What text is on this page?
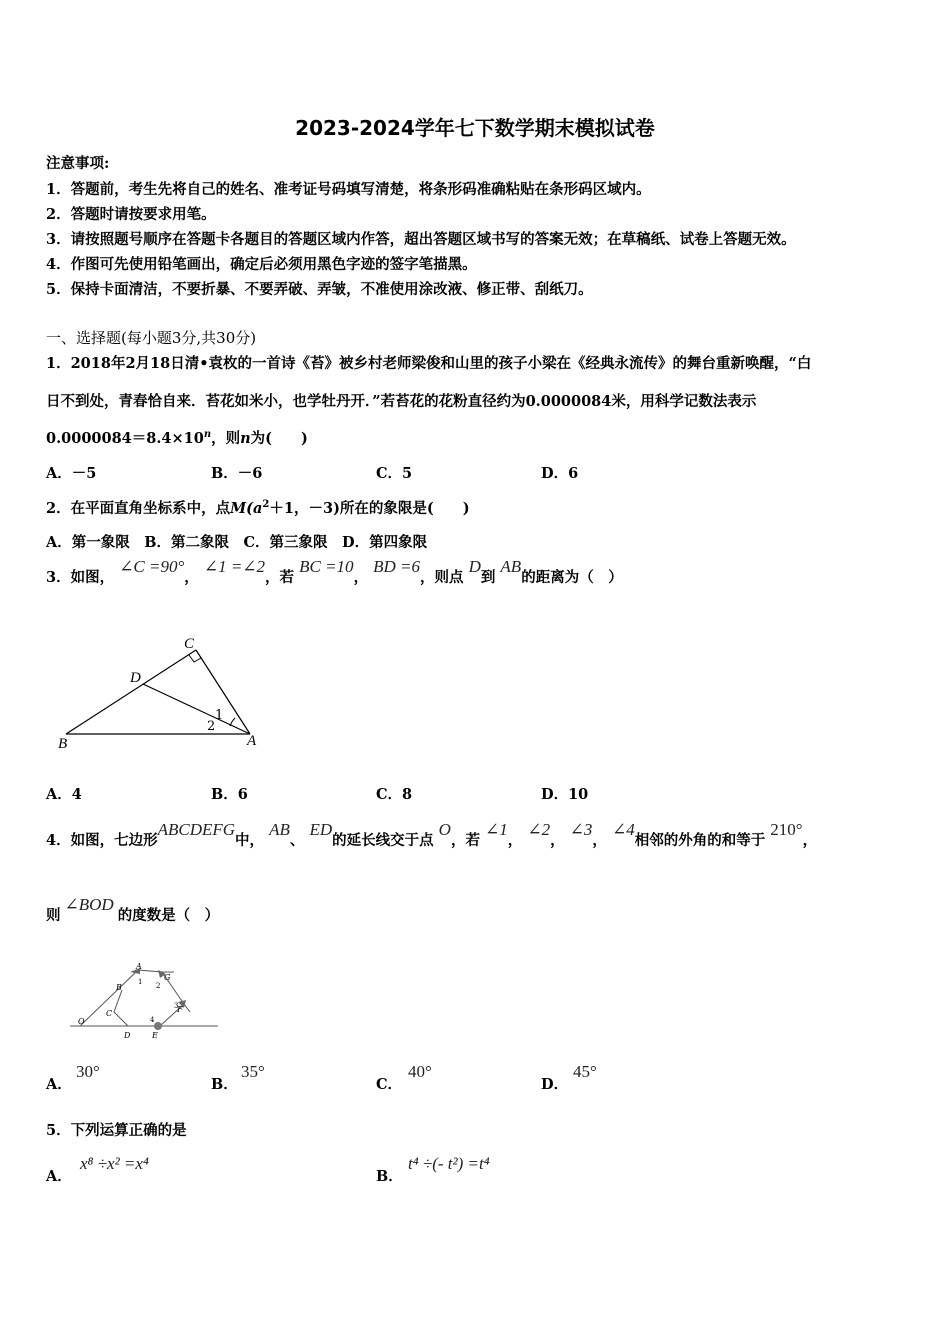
2023-2024学年七下数学期末模拟试卷
注意事项:
1．答题前，考生先将自己的姓名、准考证号码填写清楚，将条形码准确粘贴在条形码区域内。
2．答题时请按要求用笔。
3．请按照题号顺序在答题卡各题目的答题区域内作答，超出答题区域书写的答案无效；在草稿纸、试卷上答题无效。
4．作图可先使用铅笔画出，确定后必须用黑色字迹的签字笔描黑。
5．保持卡面清洁，不要折暴、不要弄破、弄皱，不准使用涂改液、修正带、刮纸刀。
一、选择题(每小题3分,共30分)
1．2018年2月18日清•袁枚的一首诗《苔》被乡村老师梁俊和山里的孩子小梁在《经典永流传》的舞台重新唤醒，“白
日不到处，青春恰自来．苔花如米小，也学牡丹开．”若苔花的花粉直径约为0.0000084米，用科学记数法表示
$0.0000084=8.4\times 10^n$，则n为(　　)
A．－5	B．－6	C．5	D．6
2．在平面直角坐标系中，点$M(a^2+1$，－3)所在的象限是(　　)
A．第一象限　B．第二象限　C．第三象限　D．第四象限
3．如图， ∠C =90°， ∠1 =∠2，若 BC =10， BD =6，则点 D到 AB的距离为（　）
C
D
B	A
1
2
A．4	B．6	C．8	D．10
4．如图，七边形ABCDEFG中， AB、 ED的延长线交于点 O，若 ∠1， ∠2， ∠3， ∠4相邻的外角的和等于 210°，
则∠BOD的度数是（　）
A
G
B
C	F
O
D	E
1 2
3
4
A．
30°
B．
35°
C．
40°
D．
45°
5．下列运算正确的是
A．
x⁸ ÷x² =x⁴
B．
t⁴ ÷(- t²) =t⁴
